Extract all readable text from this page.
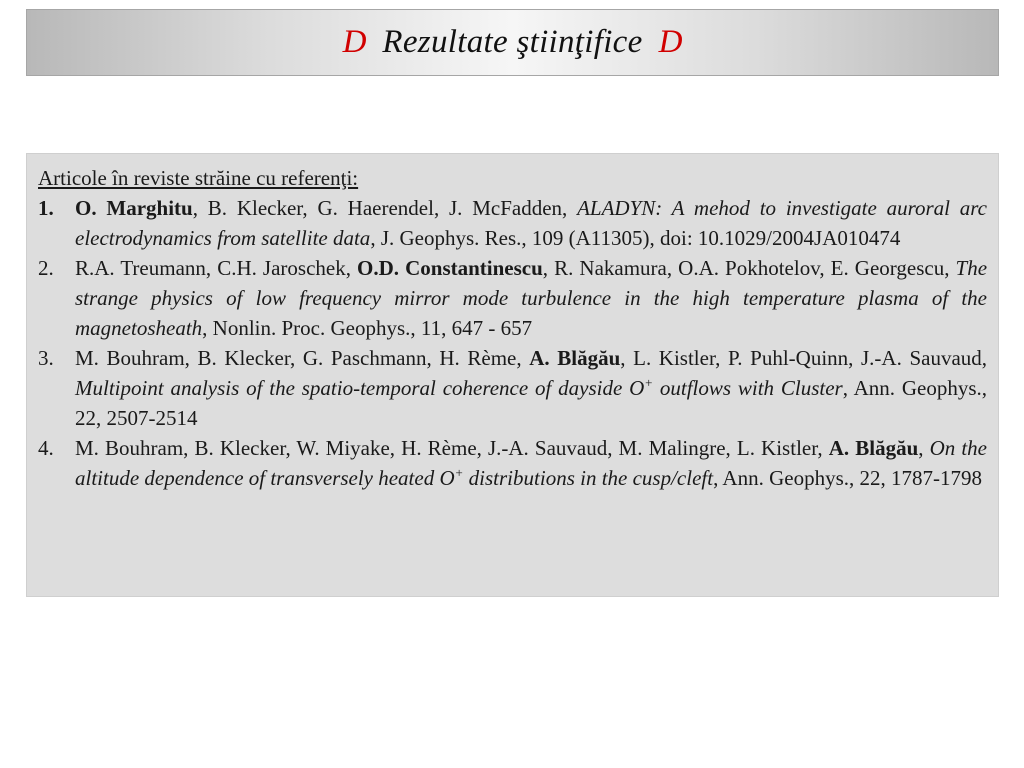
D Rezultate ştiinţifice D

Articole în reviste străine cu referenţi:

1. O. Marghitu, B. Klecker, G. Haerendel, J. McFadden, ALADYN: A mehod to investigate auroral arc electrodynamics from satellite data, J. Geophys. Res., 109 (A11305), doi: 10.1029/2004JA010474
2. R.A. Treumann, C.H. Jaroschek, O.D. Constantinescu, R. Nakamura, O.A. Pokhotelov, E. Georgescu, The strange physics of low frequency mirror mode turbulence in the high temperature plasma of the magnetosheath, Nonlin. Proc. Geophys., 11, 647 - 657
3. M. Bouhram, B. Klecker, G. Paschmann, H. Rème, A. Blăgău, L. Kistler, P. Puhl-Quinn, J.-A. Sauvaud, Multipoint analysis of the spatio-temporal coherence of dayside O+ outflows with Cluster, Ann. Geophys., 22, 2507-2514
4. M. Bouhram, B. Klecker, W. Miyake, H. Rème, J.-A. Sauvaud, M. Malingre, L. Kistler, A. Blăgău, On the altitude dependence of transversely heated O+ distributions in the cusp/cleft, Ann. Geophys., 22, 1787-1798
